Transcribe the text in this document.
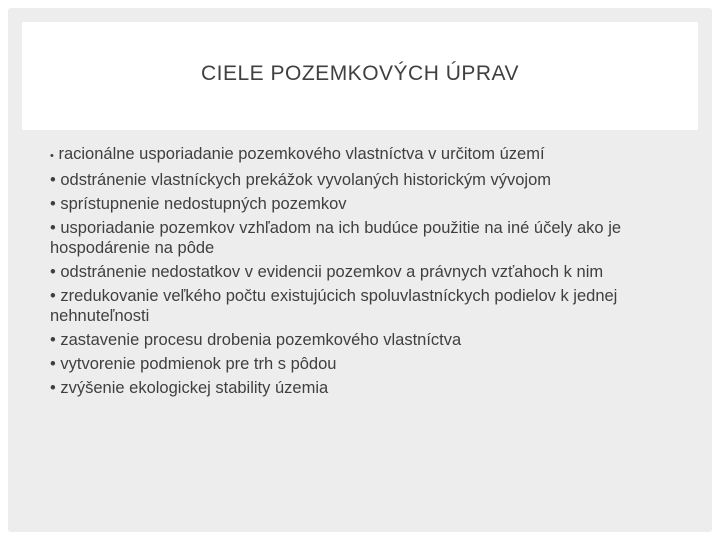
CIELE POZEMKOVÝCH ÚPRAV
• racionálne usporiadanie pozemkového vlastníctva v určitom území
• odstránenie vlastníckych prekážok vyvolaných historickým vývojom
• sprístupnenie nedostupných pozemkov
• usporiadanie pozemkov vzhľadom na ich budúce použitie na iné účely ako je hospodárenie na pôde
• odstránenie nedostatkov v evidencii pozemkov a právnych vzťahoch k nim
• zredukovanie veľkého počtu existujúcich spoluvlastníckych podielov k jednej nehnuteľnosti
• zastavenie procesu drobenia pozemkového vlastníctva
• vytvorenie podmienok pre trh s pôdou
• zvýšenie ekologickej stability územia
